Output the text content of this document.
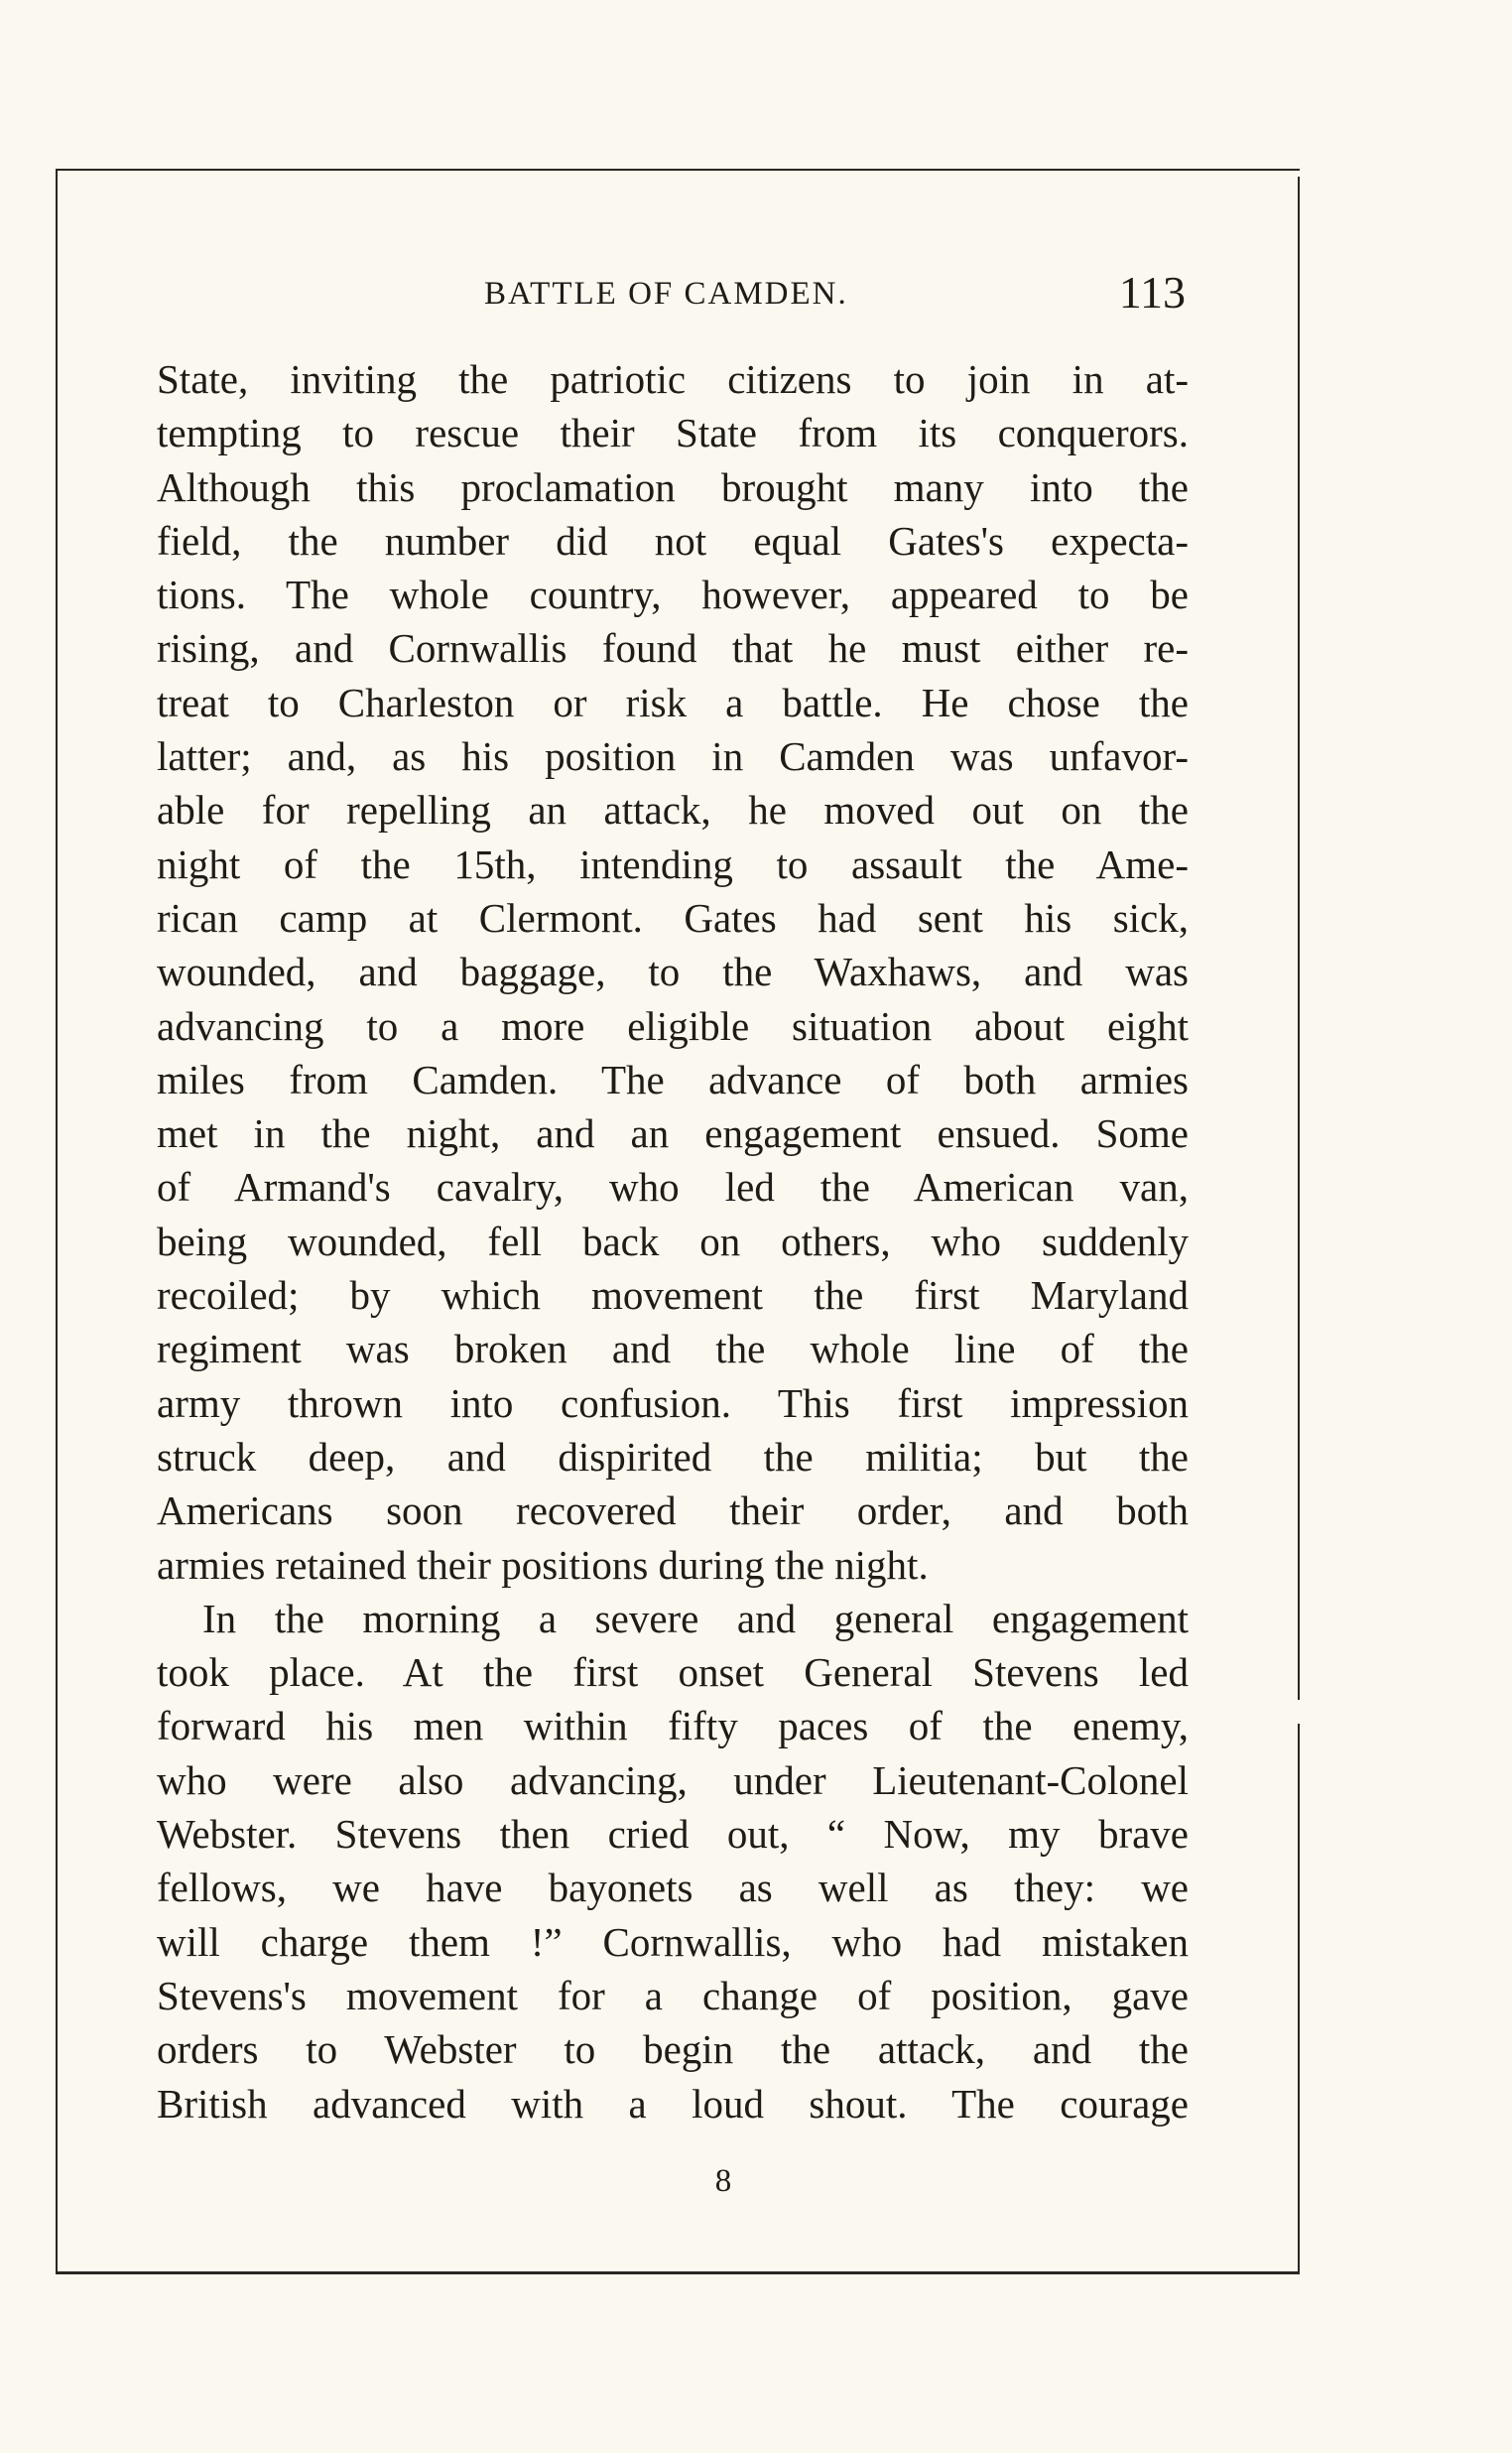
BATTLE OF CAMDEN.	113
State, inviting the patriotic citizens to join in at-
tempting to rescue their State from its conquerors.
Although this proclamation brought many into the
field, the number did not equal Gates's expecta-
tions. The whole country, however, appeared to be
rising, and Cornwallis found that he must either re-
treat to Charleston or risk a battle. He chose the
latter; and, as his position in Camden was unfavor-
able for repelling an attack, he moved out on the
night of the 15th, intending to assault the Ame-
rican camp at Clermont. Gates had sent his sick,
wounded, and baggage, to the Waxhaws, and was
advancing to a more eligible situation about eight
miles from Camden. The advance of both armies
met in the night, and an engagement ensued. Some
of Armand's cavalry, who led the American van,
being wounded, fell back on others, who suddenly
recoiled; by which movement the first Maryland
regiment was broken and the whole line of the
army thrown into confusion. This first impression
struck deep, and dispirited the militia; but the
Americans soon recovered their order, and both
armies retained their positions during the night.
In the morning a severe and general engagement
took place. At the first onset General Stevens led
forward his men within fifty paces of the enemy,
who were also advancing, under Lieutenant-Colonel
Webster. Stevens then cried out, “ Now, my brave
fellows, we have bayonets as well as they: we
will charge them !” Cornwallis, who had mistaken
Stevens's movement for a change of position, gave
orders to Webster to begin the attack, and the
British advanced with a loud shout. The courage
8
